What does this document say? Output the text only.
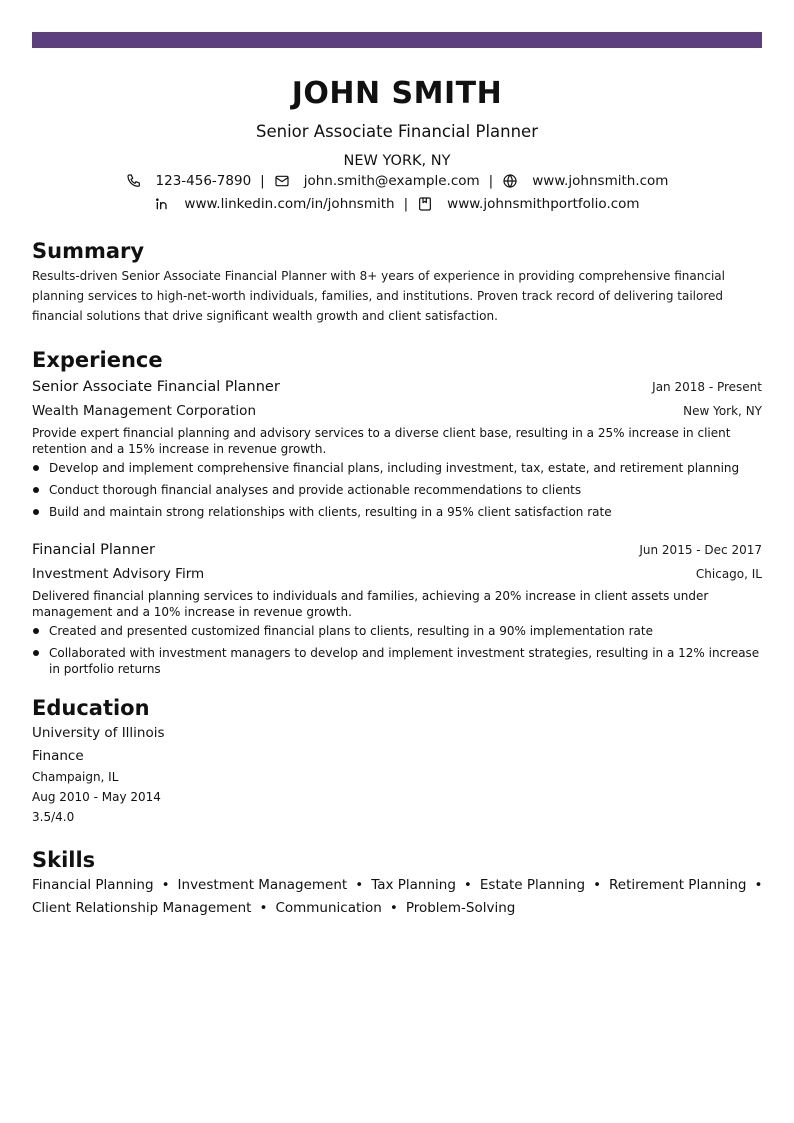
JOHN SMITH
Senior Associate Financial Planner
NEW YORK, NY
123-456-7890 |	john.smith@example.com |	www.johnsmith.com
www.linkedin.com/in/johnsmith |	www.johnsmithportfolio.com
Summary
Results-driven Senior Associate Financial Planner with 8+ years of experience in providing comprehensive financial planning services to high-net-worth individuals, families, and institutions. Proven track record of delivering tailored financial solutions that drive significant wealth growth and client satisfaction.
Experience
Senior Associate Financial Planner	Jan 2018 - Present
Wealth Management Corporation	New York, NY
Provide expert financial planning and advisory services to a diverse client base, resulting in a 25% increase in client retention and a 15% increase in revenue growth.
Develop and implement comprehensive financial plans, including investment, tax, estate, and retirement planning
Conduct thorough financial analyses and provide actionable recommendations to clients
Build and maintain strong relationships with clients, resulting in a 95% client satisfaction rate
Financial Planner	Jun 2015 - Dec 2017
Investment Advisory Firm	Chicago, IL
Delivered financial planning services to individuals and families, achieving a 20% increase in client assets under management and a 10% increase in revenue growth.
Created and presented customized financial plans to clients, resulting in a 90% implementation rate
Collaborated with investment managers to develop and implement investment strategies, resulting in a 12% increase in portfolio returns
Education
University of Illinois
Finance
Champaign, IL
Aug 2010 - May 2014
3.5/4.0
Skills
Financial Planning • Investment Management • Tax Planning • Estate Planning • Retirement Planning •
Client Relationship Management • Communication • Problem-Solving
